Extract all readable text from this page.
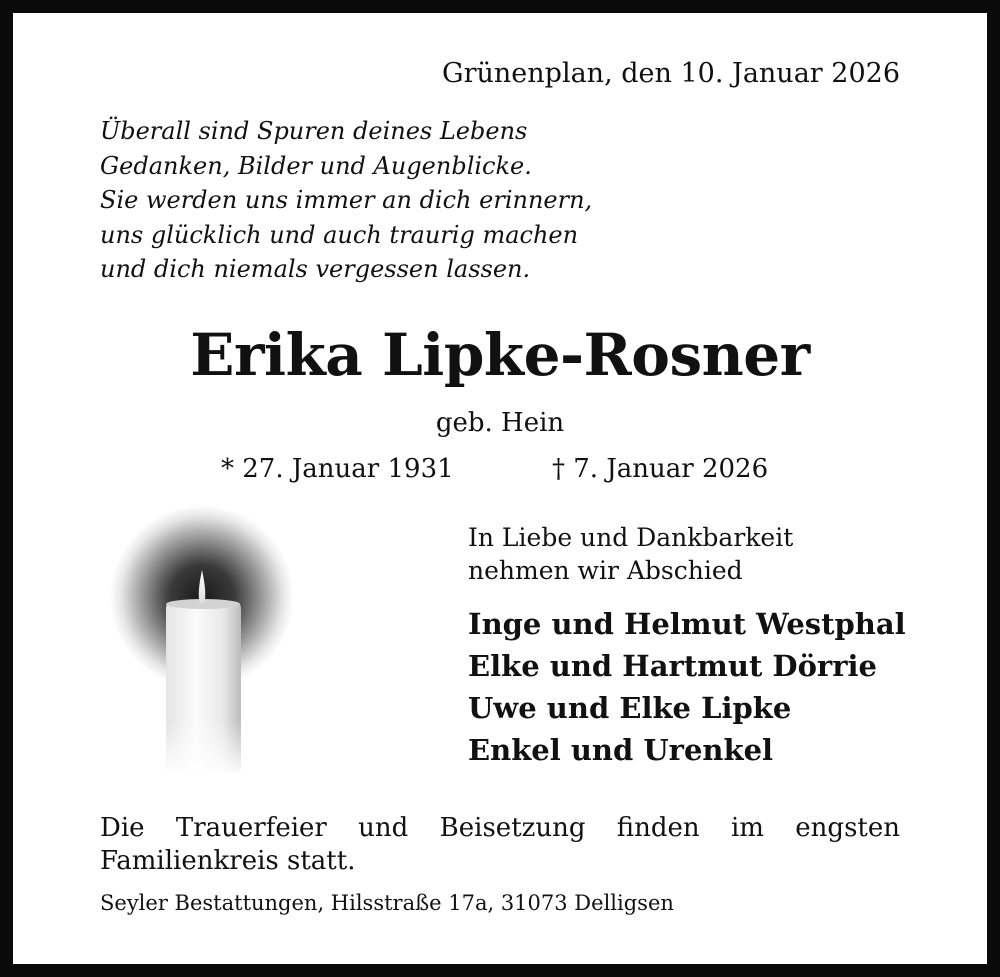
Grünenplan, den 10. Januar 2026
Überall sind Spuren deines Lebens
Gedanken, Bilder und Augenblicke.
Sie werden uns immer an dich erinnern,
uns glücklich und auch traurig machen
und dich niemals vergessen lassen.
Erika Lipke-Rosner
geb. Hein
* 27. Januar 1931	† 7. Januar 2026
In Liebe und Dankbarkeit
nehmen wir Abschied
Inge und Helmut Westphal
Elke und Hartmut Dörrie
Uwe und Elke Lipke
Enkel und Urenkel
Die Trauerfeier und Beisetzung finden im engsten Familienkreis statt.
Seyler Bestattungen, Hilsstraße 17a, 31073 Delligsen
